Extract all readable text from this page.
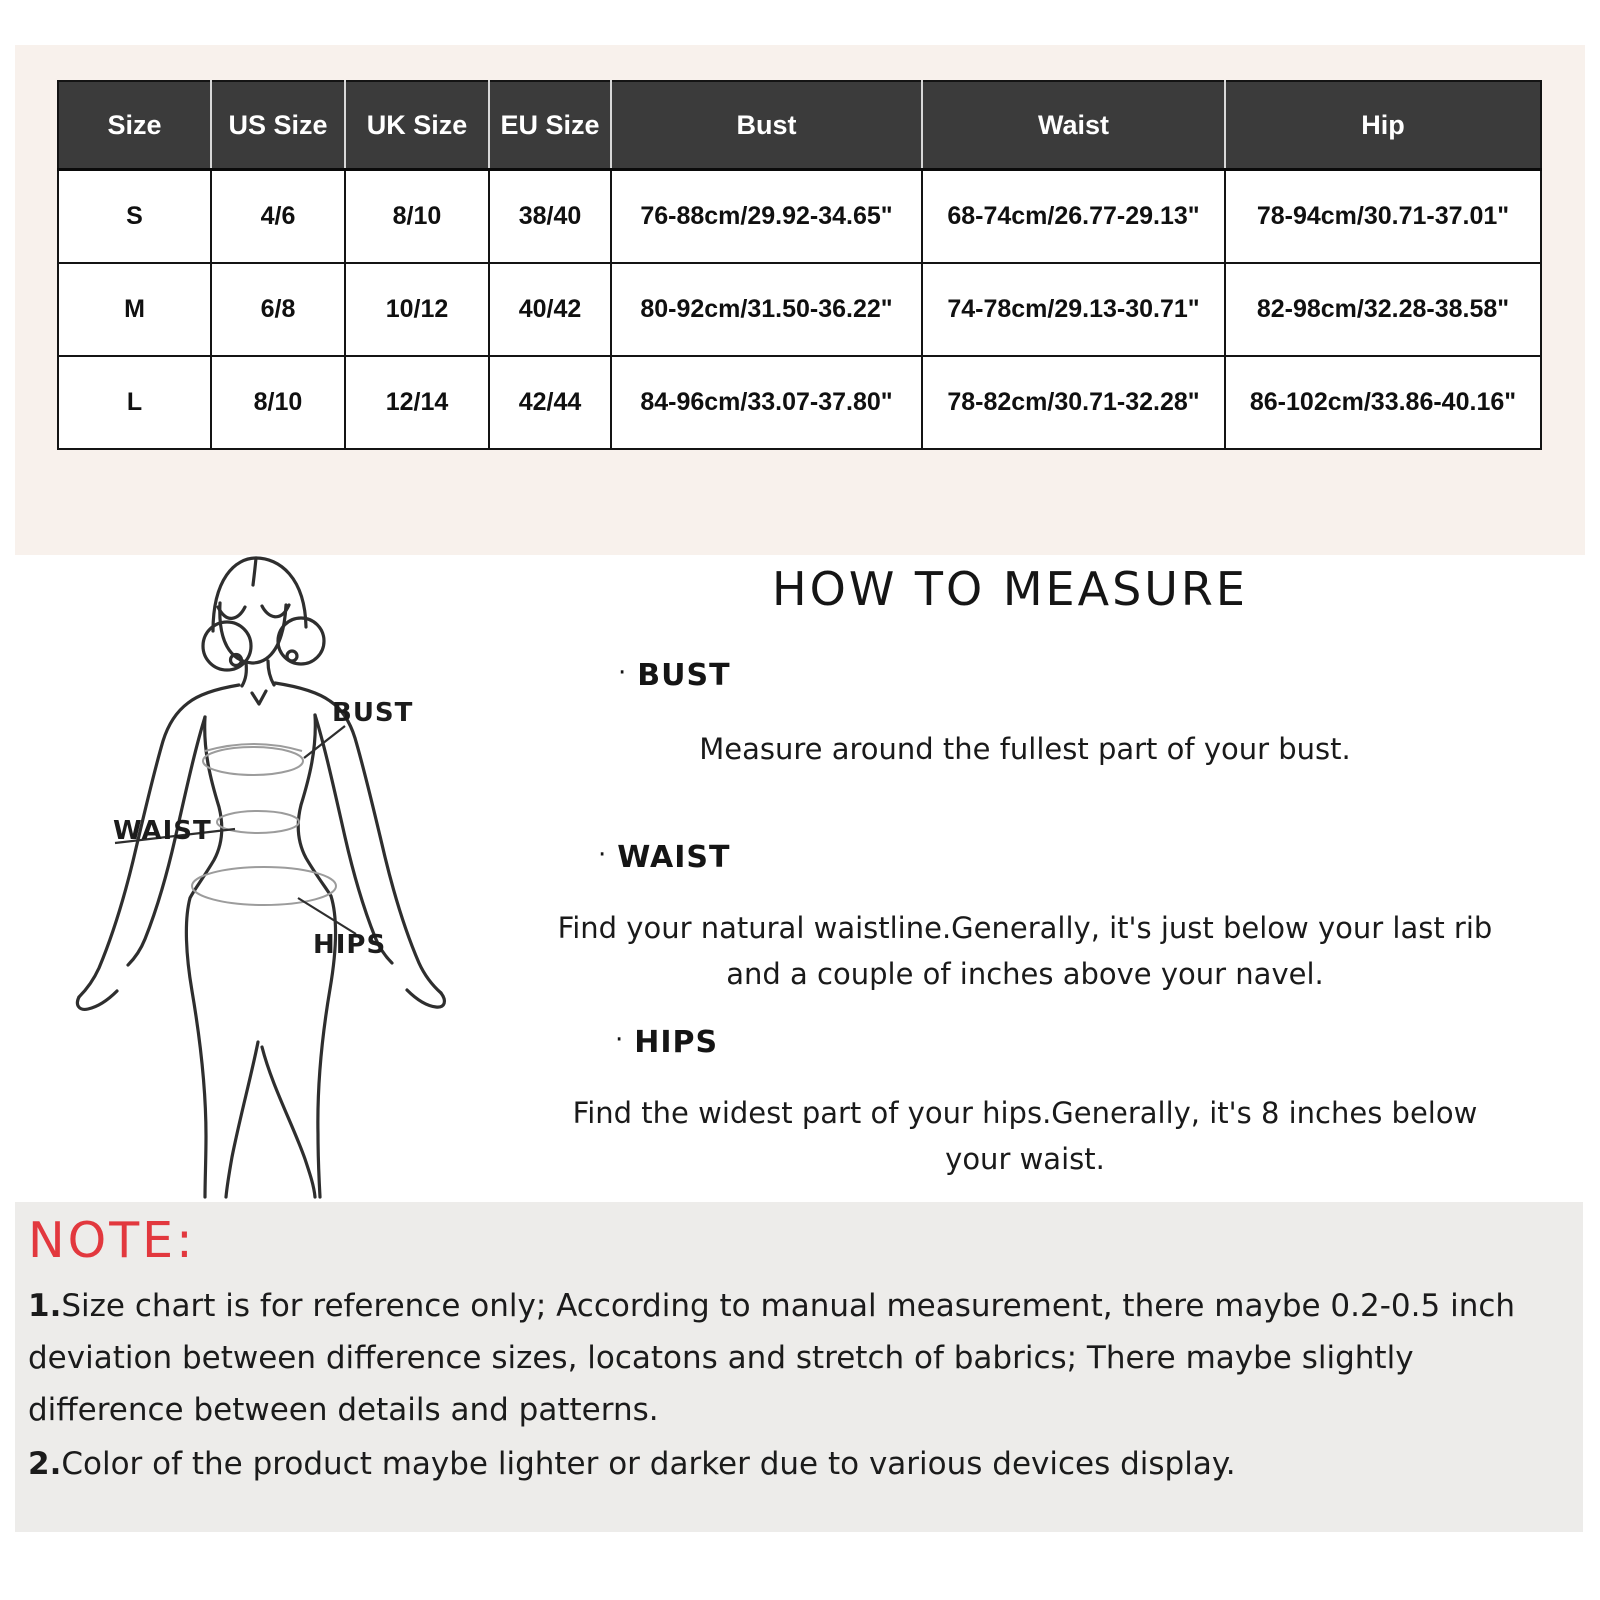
Size	US Size	UK Size	EU Size	Bust	Waist	Hip
S	4/6	8/10	38/40	76-88cm/29.92-34.65"	68-74cm/26.77-29.13"	78-94cm/30.71-37.01"
M	6/8	10/12	40/42	80-92cm/31.50-36.22"	74-78cm/29.13-30.71"	82-98cm/32.28-38.58"
L	8/10	12/14	42/44	84-96cm/33.07-37.80"	78-82cm/30.71-32.28"	86-102cm/33.86-40.16"
BUST
WAIST
HIPS
HOW TO MEASURE
· BUST
Measure around the fullest part of your bust.
· WAIST
Find your natural waistline.Generally, it's just below your last rib
and a couple of inches above your navel.
· HIPS
Find the widest part of your hips.Generally, it's 8 inches below
your waist.
NOTE:

1.Size chart is for reference only; According to manual measurement, there maybe 0.2-0.5 inch deviation between difference sizes, locatons and stretch of babrics; There maybe slightly difference between details and patterns.

2.Color of the product maybe lighter or darker due to various devices display.
